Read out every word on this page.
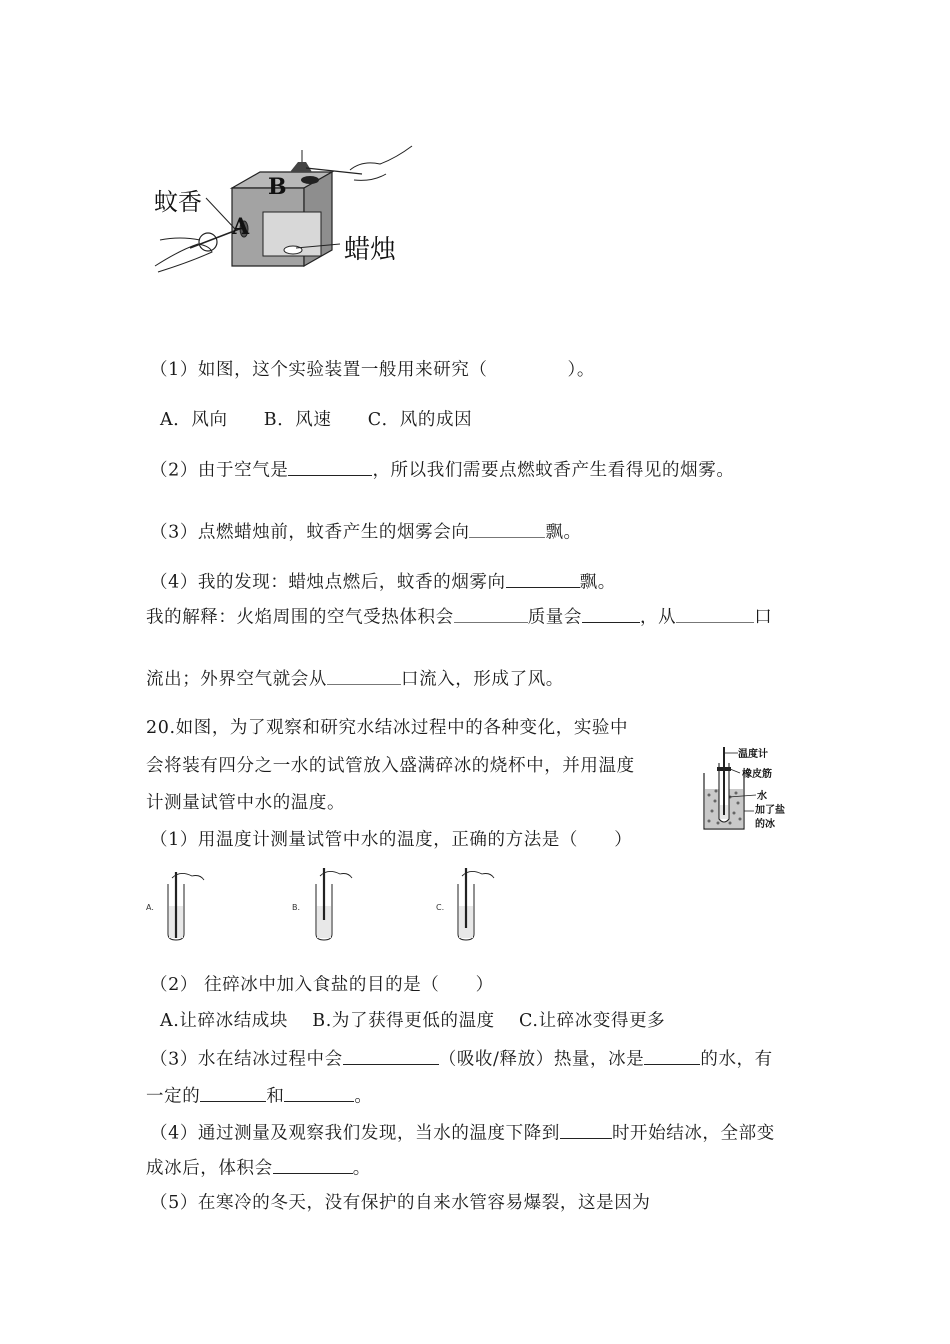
蚊香
B
A
蜡烛
（1）如图，这个实验装置一般用来研究（	）。
A．风向　　B．风速　　C．风的成因
（2）由于空气是	，所以我们需要点燃蚊香产生看得见的烟雾。
（3）点燃蜡烛前，蚊香产生的烟雾会向	飘。
（4）我的发现：蜡烛点燃后，蚊香的烟雾向	飘。
我的解释：火焰周围的空气受热体积会	质量会	，从	口
流出；外界空气就会从	口流入，形成了风。
20.如图，为了观察和研究水结冰过程中的各种变化，实验中
会将装有四分之一水的试管放入盛满碎冰的烧杯中，并用温度
计测量试管中水的温度。
温度计
橡皮筋
水
加了盐
的冰
（1）用温度计测量试管中水的温度，正确的方法是（　　）
A.	B.	C.
（2） 往碎冰中加入食盐的目的是（　　）
A.让碎冰结成块　 B.为了获得更低的温度　 C.让碎冰变得更多
（3）水在结冰过程中会	（吸收/释放）热量，冰是	的水，有
一定的	和	。
（4）通过测量及观察我们发现，当水的温度下降到	时开始结冰，全部变
成冰后，体积会	。
（5）在寒冷的冬天，没有保护的自来水管容易爆裂，这是因为
